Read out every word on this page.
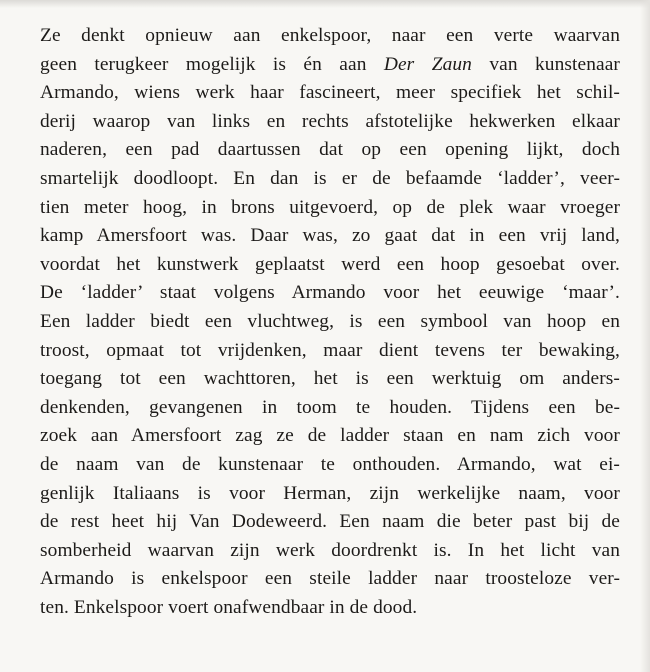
Ze denkt opnieuw aan enkelspoor, naar een verte waarvan
geen terugkeer mogelijk is én aan Der Zaun van kunstenaar
Armando, wiens werk haar fascineert, meer specifiek het schil-
derij waarop van links en rechts afstotelijke hekwerken elkaar
naderen, een pad daartussen dat op een opening lijkt, doch
smartelijk doodloopt. En dan is er de befaamde ‘ladder’, veer-
tien meter hoog, in brons uitgevoerd, op de plek waar vroeger
kamp Amersfoort was. Daar was, zo gaat dat in een vrij land,
voordat het kunstwerk geplaatst werd een hoop gesoebat over.
De ‘ladder’ staat volgens Armando voor het eeuwige ‘maar’.
Een ladder biedt een vluchtweg, is een symbool van hoop en
troost, opmaat tot vrijdenken, maar dient tevens ter bewaking,
toegang tot een wachttoren, het is een werktuig om anders-
denkenden, gevangenen in toom te houden. Tijdens een be-
zoek aan Amersfoort zag ze de ladder staan en nam zich voor
de naam van de kunstenaar te onthouden. Armando, wat ei-
genlijk Italiaans is voor Herman, zijn werkelijke naam, voor
de rest heet hij Van Dodeweerd. Een naam die beter past bij de
somberheid waarvan zijn werk doordrenkt is. In het licht van
Armando is enkelspoor een steile ladder naar troosteloze ver-
ten. Enkelspoor voert onafwendbaar in de dood.
